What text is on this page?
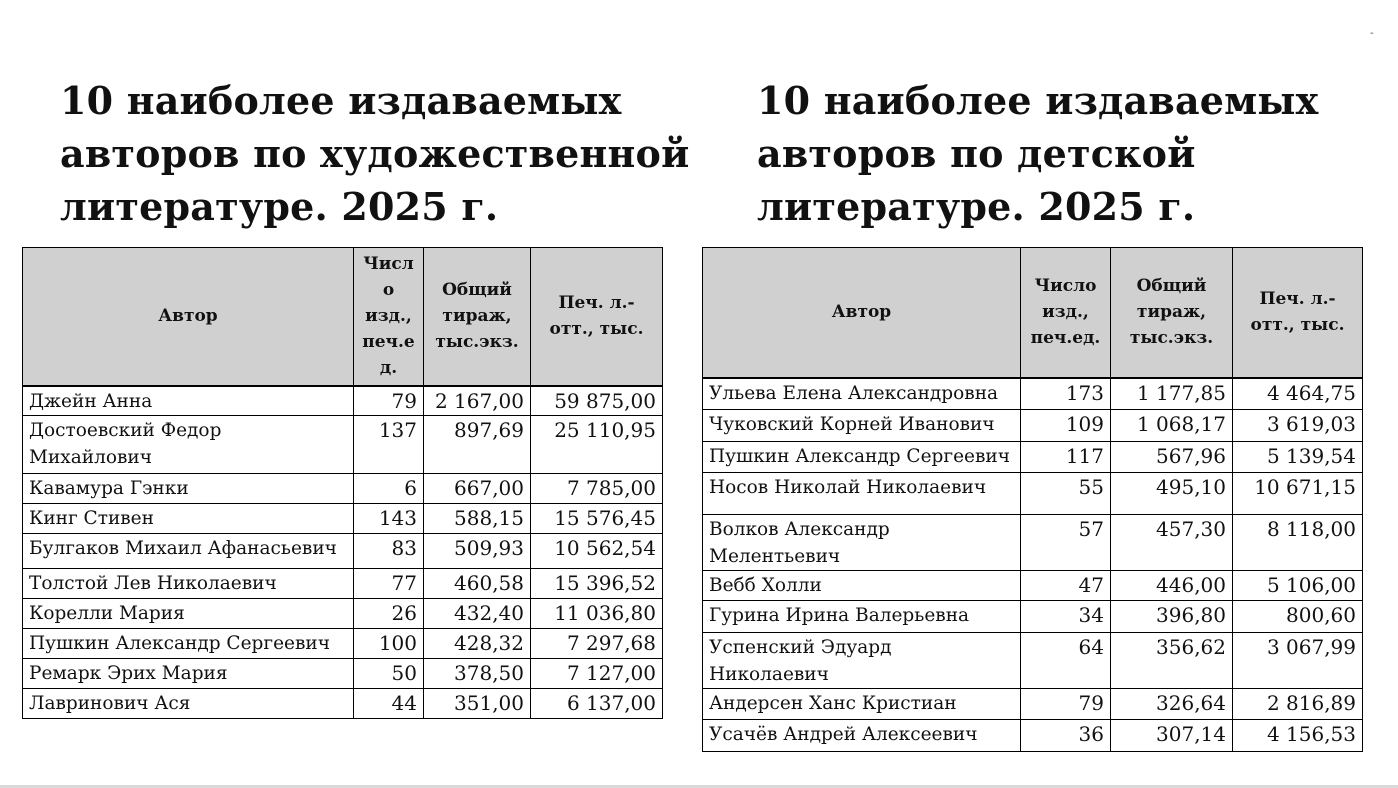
-
10 наиболее издаваемых
авторов по художественной
литературе. 2025 г.
10 наиболее издаваемых
авторов по детской
литературе. 2025 г.
Автор	Числ
о
изд.,
печ.е
д.	Общий
тираж,
тыс.экз.	Печ. л.-
отт., тыс.
Джейн Анна	79	2 167,00	59 875,00
Достоевский Федор Михайлович	137	897,69	25 110,95
Кавамура Гэнки	6	667,00	7 785,00
Кинг Стивен	143	588,15	15 576,45
Булгаков Михаил Афанасьевич	83	509,93	10 562,54
Толстой Лев Николаевич	77	460,58	15 396,52
Корелли Мария	26	432,40	11 036,80
Пушкин Александр Сергеевич	100	428,32	7 297,68
Ремарк Эрих Мария	50	378,50	7 127,00
Лавринович Ася	44	351,00	6 137,00
Автор	Число
изд.,
печ.ед.	Общий
тираж,
тыс.экз.	Печ. л.-
отт., тыс.
Ульева Елена Александровна	173	1 177,85	4 464,75
Чуковский Корней Иванович	109	1 068,17	3 619,03
Пушкин Александр Сергеевич	117	567,96	5 139,54
Носов Николай Николаевич	55	495,10	10 671,15
Волков Александр Мелентьевич	57	457,30	8 118,00
Вебб Холли	47	446,00	5 106,00
Гурина Ирина Валерьевна	34	396,80	800,60
Успенский Эдуард Николаевич	64	356,62	3 067,99
Андерсен Ханс Кристиан	79	326,64	2 816,89
Усачёв Андрей Алексеевич	36	307,14	4 156,53
